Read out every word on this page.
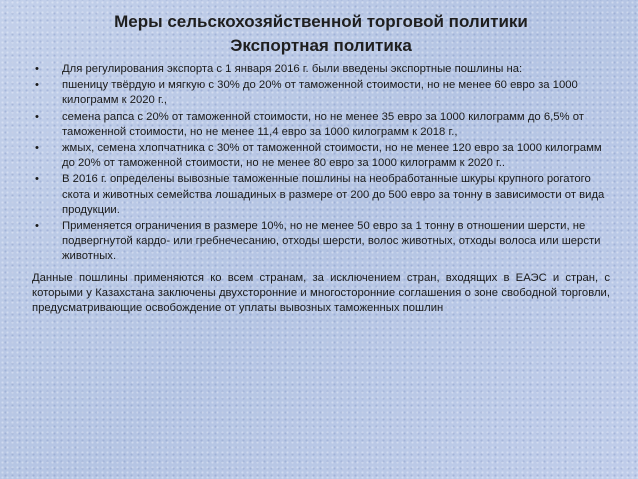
Меры сельскохозяйственной торговой политики
Экспортная политика
• Для регулирования экспорта с 1 января 2016 г. были введены экспортные пошлины на:
• пшеницу твёрдую и мягкую с 30% до 20% от таможенной стоимости, но не менее 60 евро за 1000 килограмм к 2020 г.,
• семена рапса с 20% от таможенной стоимости, но не менее 35 евро за 1000 килограмм до 6,5% от таможенной стоимости, но не менее 11,4 евро за 1000 килограмм к 2018 г.,
• жмых, семена хлопчатника с 30% от таможенной стоимости, но не менее 120 евро за 1000 килограмм до 20% от таможенной стоимости, но не менее 80 евро за 1000 килограмм к 2020 г..
• В 2016 г. определены вывозные таможенные пошлины на необработанные шкуры крупного рогатого скота и животных семейства лошадиных в размере от 200 до 500 евро за тонну в зависимости от вида продукции.
• Применяется ограничения в размере 10%, но не менее 50 евро за 1 тонну в отношении шерсти, не подвергнутой кардо- или гребнечесанию, отходы шерсти, волос животных, отходы волоса или шерсти животных.

Данные пошлины применяются ко всем странам, за исключением стран, входящих в ЕАЭС и стран, с которыми у Казахстана заключены двухсторонние и многосторонние соглашения о зоне свободной торговли, предусматривающие освобождение от уплаты вывозных таможенных пошлин
